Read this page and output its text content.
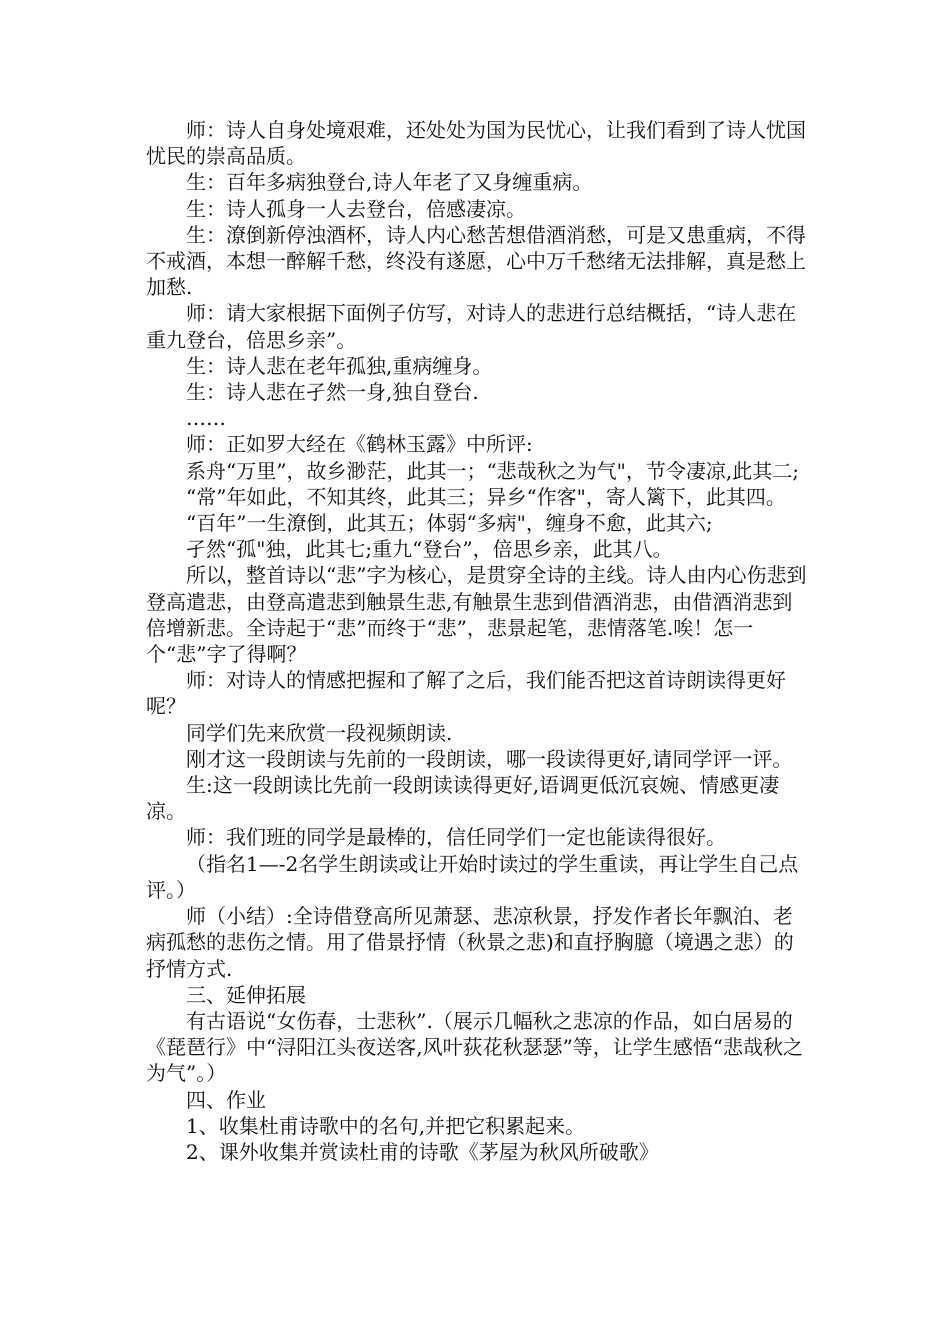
师：诗人自身处境艰难，还处处为国为民忧心，让我们看到了诗人忧国忧民的崇高品质。

生：百年多病独登台,诗人年老了又身缠重病。

生：诗人孤身一人去登台，倍感凄凉。

生：潦倒新停浊酒杯，诗人内心愁苦想借酒消愁，可是又患重病，不得不戒酒，本想一醉解千愁，终没有遂愿，心中万千愁绪无法排解，真是愁上加愁.

师：请大家根据下面例子仿写，对诗人的悲进行总结概括，“诗人悲在重九登台，倍思乡亲”。

生：诗人悲在老年孤独,重病缠身。

生：诗人悲在孑然一身,独自登台.

……

师：正如罗大经在《鹤林玉露》中所评:

系舟“万里”，故乡渺茫，此其一；“悲哉秋之为气"，节令凄凉,此其二;

“常”年如此，不知其终，此其三；异乡“作客"，寄人篱下，此其四。

“百年”一生潦倒，此其五；体弱“多病"，缠身不愈，此其六;

孑然“孤"独，此其七;重九“登台”，倍思乡亲，此其八。

所以，整首诗以“悲”字为核心，是贯穿全诗的主线。诗人由内心伤悲到登高遣悲，由登高遣悲到触景生悲,有触景生悲到借酒消悲，由借酒消悲到倍增新悲。全诗起于“悲”而终于“悲”，悲景起笔，悲情落笔.唉！怎一个“悲”字了得啊？

师：对诗人的情感把握和了解了之后，我们能否把这首诗朗读得更好呢？

同学们先来欣赏一段视频朗读.

刚才这一段朗读与先前的一段朗读，哪一段读得更好,请同学评一评。

生:这一段朗读比先前一段朗读读得更好,语调更低沉哀婉、情感更凄凉。

师：我们班的同学是最棒的，信任同学们一定也能读得很好。

（指名1—-2名学生朗读或让开始时读过的学生重读，再让学生自己点评。）

师（小结）:全诗借登高所见萧瑟、悲凉秋景，抒发作者长年飘泊、老病孤愁的悲伤之情。用了借景抒情（秋景之悲)和直抒胸臆（境遇之悲）的抒情方式.

三、延伸拓展

有古语说“女伤春，士悲秋”.（展示几幅秋之悲凉的作品，如白居易的《琵琶行》中“浔阳江头夜送客,风叶荻花秋瑟瑟”等，让学生感悟“悲哉秋之为气”。）

四、作业

1、收集杜甫诗歌中的名句,并把它积累起来。

2、课外收集并赏读杜甫的诗歌《茅屋为秋风所破歌》
